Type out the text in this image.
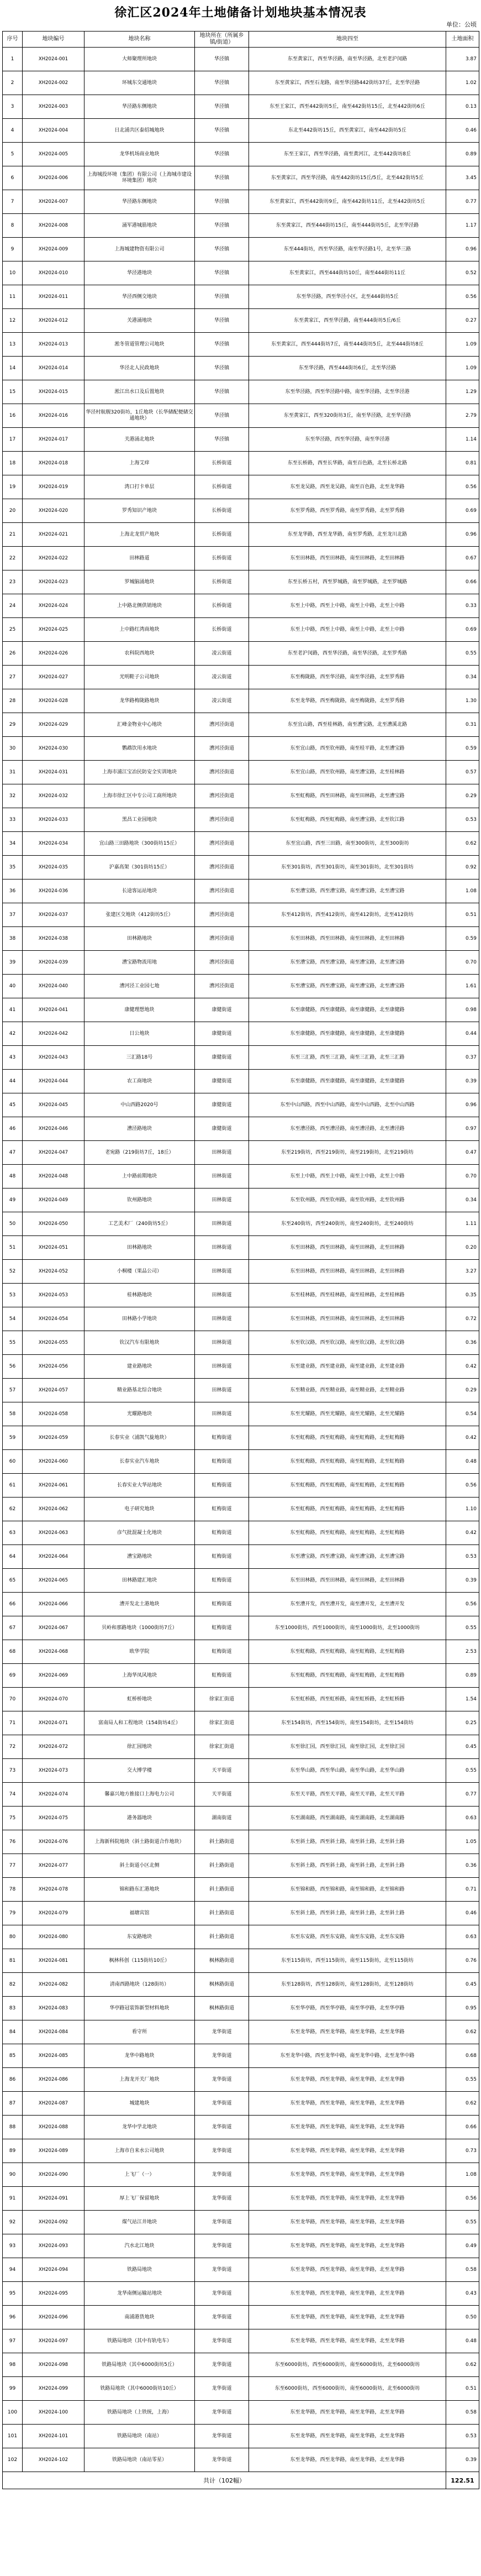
徐汇区2024年土地储备计划地块基本情况表
单位：公顷
序号	地块编号	地块名称	地块所在（所属乡镇/街道）	地块四至	土地面积
1	XH2024-001	大师聚理所地块	华泾镇	东至黄家江，西至华泾路，南至华泾路，北至老沪闵路	3.87
2	XH2024-002	环城东交通地块	华泾镇	东至黄家江，西至石龙路，南至华泾路442街坊37丘，北至华泾路	1.02
3	XH2024-003	华泾路东侧地块	华泾镇	东至王家江，西至442街坊5丘，南至442街坊15丘，北至442街坊6丘	0.13
4	XH2024-004	日北浦共区泰绍城地块	华泾镇	东北至442街坊15丘，西至黄家江，南至442街坊5丘	0.46
5	XH2024-005	龙华机场商业地块	华泾镇	东至王家江，西至华泾路，南至黄河江，北至442街坊8丘	0.89
6	XH2024-006	上海城投环境（集团）有限公司（上海城市建设环境集团）地块	华泾镇	东至黄家江，西至华泾路，南至442街坊15丘/5丘，北至442街坊5丘	3.45
7	XH2024-007	华泾路东侧地块	华泾镇	东至黄家江，西至442街坊9丘，南至442街坊11丘，北至442街坊5丘	0.77
8	XH2024-008	涌军港城筋地块	华泾镇	东至黄家江，西至444街坊15丘，南至444街坊5丘，北至华泾路	1.17
9	XH2024-009	上海城建物资有限公司	华泾镇	东至444街坊，西至华泾路，南至华泾路1号，北至华三路	0.96
10	XH2024-010	华泾港地块	华泾镇	东至黄家江，西至444街坊10丘，南至444街坊11丘	0.52
11	XH2024-011	华泾西侧交地块	华泾镇	东至华泾路，西至华泾小区，北至444街坊5丘	0.56
12	XH2024-012	关港涌地块	华泾镇	东至黄家江，西至华泾路，南至444街坊5丘/6丘	0.27
13	XH2024-013	淞冬管道管理公司地块	华泾镇	东至黄家江，西至444街坊7丘，南至444街坊5丘，北至444街坊8丘	1.09
14	XH2024-014	华泾北人民政地块	华泾镇	东至华泾路，西至444街坊6丘，北至华泾路	1.09
15	XH2024-015	淞江出水口及后置地块	华泾镇	东至华泾路，西至华泾路中路，南至华泾路，北至华泾港	1.29
16	XH2024-016	华泾村航舰320街坊，1丘地块（长华储配便储交通地块）	华泾镇	东至黄家江，西至320街坊3丘，南至华泾路，北至华泾路	2.79
17	XH2024-017	关港涌北地块	华泾镇	东至华泾路，西至华泾路，南至华泾港	1.14
18	XH2024-018	上海艾痒	长桥街道	东至长桥路，西至长华路，南至百色路，北至长桥北路	0.81
19	XH2024-019	湾口打卡单层	长桥街道	东至龙吴路，西至龙吴路，南至百色路，北至龙华路	0.56
20	XH2024-020	罗秀知识产地块	长桥街道	东至罗秀路，西至罗秀路，南至罗秀路，北至罗秀路	0.69
21	XH2024-021	上海北龙贸产地块	长桥街道	东至龙华路，西至龙华路，南至罗秀路，北至龙川北路	0.96
22	XH2024-022	田林路道	长桥街道	东至田林路，西至田林路，南至田林路，北至田林路	0.67
23	XH2024-023	罗城脑涌地块	长桥街道	东至长桥五村，西至罗城路，南至罗城路，北至罗城路	0.66
24	XH2024-024	上中路北侧供销地块	长桥街道	东至上中路，西至上中路，南至上中路，北至上中路	0.33
25	XH2024-025	上中路红湾商地块	长桥街道	东至上中路，西至上中路，南至上中路，北至上中路	0.69
26	XH2024-026	农科院西地块	凌云街道	东至老沪闵路，西至华泾路，南至华泾路，北至罗秀路	0.55
27	XH2024-027	光明鞋子公司地块	凌云街道	东至梅陇路，西至华泾路，南至华泾路，北至罗秀路	0.34
28	XH2024-028	龙华路梅陇路地块	凌云街道	东至龙华路，西至梅陇路，南至梅陇路，北至罗秀路	1.30
29	XH2024-029	汇峰金物业中心地块	漕河泾街道	东至宜山路，西至桂林路，南至漕宝路，北至漕溪北路	0.31
30	XH2024-030	鹦鹉饮用水地块	漕河泾街道	东至宜山路，西至钦州路，南至桂平路，北至漕宝路	0.59
31	XH2024-031	上海市浦江宝冶民防安全实训地块	漕河泾街道	东至宜山路，西至钦州路，南至漕宝路，北至桂林路	0.57
32	XH2024-032	上海市徐汇区中专公司工商所地块	漕河泾街道	东至虹梅路，西至田林路，南至田林路，北至漕宝路	0.29
33	XH2024-033	黑昌工业园地块	漕河泾街道	东至虹梅路，西至虹梅路，南至漕宝路，北至钦江路	0.53
34	XH2024-034	宜山路三田路地块（300街坊15丘）	漕河泾街道	东至宜山路，西至三田路，南至300街坊，北至300街坊	0.62
35	XH2024-035	沪嘉高架（301街坊15丘）	漕河泾街道	东至301街坊，西至301街坊，南至301街坊，北至301街坊	0.92
36	XH2024-036	长途客运站地块	漕河泾街道	东至漕宝路，西至漕宝路，南至漕宝路，北至漕宝路	1.08
37	XH2024-037	张建区交地块（412街坊5丘）	漕河泾街道	东至412街坊，西至412街坊，南至412街坊，北至412街坊	0.51
38	XH2024-038	田林路地块	漕河泾街道	东至田林路，西至田林路，南至田林路，北至田林路	0.59
39	XH2024-039	漕宝路物流用地	漕河泾街道	东至漕宝路，西至漕宝路，南至漕宝路，北至漕宝路	0.70
40	XH2024-040	漕河泾工业园七地	漕河泾街道	东至漕宝路，西至漕宝路，南至漕宝路，北至漕宝路	1.61
41	XH2024-041	康健理想地块	康健街道	东至康健路，西至康健路，南至康健路，北至康健路	0.98
42	XH2024-042	日公地块	康健街道	东至康健路，西至康健路，南至康健路，北至康健路	0.44
43	XH2024-043	三汇路18号	康健街道	东至三汇路，西至三汇路，南至三汇路，北至三汇路	0.37
44	XH2024-044	农工商地块	康健街道	东至康健路，西至康健路，南至康健路，北至康健路	0.39
45	XH2024-045	中山西路2020号	康健街道	东至中山西路，西至中山西路，南至中山西路，北至中山西路	0.96
46	XH2024-046	漕泾路地块	康健街道	东至漕泾路，西至漕泾路，南至漕泾路，北至漕泾路	0.97
47	XH2024-047	老宛路（219街坊7丘，18丘）	田林街道	东至219街坊，西至219街坊，南至219街坊，北至219街坊	0.47
48	XH2024-048	上中路前期地块	田林街道	东至上中路，西至上中路，南至上中路，北至上中路	0.70
49	XH2024-049	钦州路地块	田林街道	东至钦州路，西至钦州路，南至钦州路，北至钦州路	0.34
50	XH2024-050	工艺美术厂（240街坊5丘）	田林街道	东至240街坊，西至240街坊，南至240街坊，北至240街坊	1.11
51	XH2024-051	田林路地块	田林街道	东至田林路，西至田林路，南至田林路，北至田林路	0.20
52	XH2024-052	小桐楼（果品公司）	田林街道	东至田林路，西至田林路，南至田林路，北至田林路	3.27
53	XH2024-053	桂林路地块	田林街道	东至桂林路，西至桂林路，南至桂林路，北至桂林路	0.35
54	XH2024-054	田林路小学地块	田林街道	东至田林路，西至田林路，南至田林路，北至田林路	0.72
55	XH2024-055	钦汉汽车有限地块	田林街道	东至钦汉路，西至钦汉路，南至钦汉路，北至钦汉路	0.36
56	XH2024-056	建业路地块	田林街道	东至建业路，西至建业路，南至建业路，北至建业路	0.42
57	XH2024-057	精业路基北综合地块	田林街道	东至精业路，西至精业路，南至精业路，北至精业路	0.29
58	XH2024-058	光耀路地块	田林街道	东至光耀路，西至光耀路，南至光耀路，北至光耀路	0.54
59	XH2024-059	长春实业（浦凯气旋地块）	虹梅街道	东至虹梅路，西至虹梅路，南至虹梅路，北至虹梅路	0.42
60	XH2024-060	长春实业汽车地块	虹梅街道	东至虹梅路，西至虹梅路，南至虹梅路，北至虹梅路	0.48
61	XH2024-061	长春实业大华站地块	虹梅街道	东至虹梅路，西至虹梅路，南至虹梅路，北至虹梅路	0.56
62	XH2024-062	电子研究地块	虹梅街道	东至虹梅路，西至虹梅路，南至虹梅路，北至虹梅路	1.10
63	XH2024-063	彦气批混凝土化地块	虹梅街道	东至虹梅路，西至虹梅路，南至虹梅路，北至虹梅路	0.42
64	XH2024-064	漕宝路地块	虹梅街道	东至漕宝路，西至漕宝路，南至漕宝路，北至漕宝路	0.53
65	XH2024-065	田林路建汇地块	虹梅街道	东至田林路，西至田林路，南至田林路，北至田林路	0.39
66	XH2024-066	漕开发北土港地块	虹梅街道	东至漕开发，西至漕开发，南至漕开发，北至漕开发	0.56
67	XH2024-067	贝岭和那路地块（1000街坊7丘）	虹梅街道	东至1000街坊，西至1000街坊，南至1000街坊，北至1000街坊	0.55
68	XH2024-068	欧华学院	虹梅街道	东至虹梅路，西至虹梅路，南至虹梅路，北至虹梅路	2.53
69	XH2024-069	上海华凤风地块	虹梅街道	东至虹梅路，西至虹梅路，南至虹梅路，北至虹梅路	0.89
70	XH2024-070	虹桥桥地块	徐家汇街道	东至虹桥路，西至虹桥路，南至虹桥路，北至虹桥路	1.54
71	XH2024-071	富南局人和工程地块（154街坊4丘）	徐家汇街道	东至154街坊，西至154街坊，南至154街坊，北至154街坊	0.25
72	XH2024-072	徐汇园地块	徐家汇街道	东至徐汇园，西至徐汇园，南至徐汇园，北至徐汇园	0.45
73	XH2024-073	交大博学楼	天平街道	东至华山路，西至华山路，南至华山路，北至华山路	0.55
74	XH2024-074	馨嘉兴地方推接口上海电力公司	天平街道	东至天平路，西至天平路，南至天平路，北至天平路	0.77
75	XH2024-075	港务器地块	湖南街道	东至湖南路，西至湖南路，南至湖南路，北至湖南路	0.63
76	XH2024-076	上海新科院地块（斜土路街道合作地块）	斜土路街道	东至斜土路，西至斜土路，南至斜土路，北至斜土路	1.05
77	XH2024-077	斜土街道小区北侧	斜土路街道	东至斜土路，西至斜土路，南至斜土路，北至斜土路	0.36
78	XH2024-078	锦和路东汇港地块	斜土路街道	东至锦和路，西至锦和路，南至锦和路，北至锦和路	0.71
79	XH2024-079	福塘宾馆	斜土路街道	东至斜土路，西至斜土路，南至斜土路，北至斜土路	0.46
80	XH2024-080	东安路地块	斜土路街道	东至东安路，西至东安路，南至东安路，北至东安路	0.63
81	XH2024-081	枫林科创（115街坊10丘）	枫林路街道	东至115街坊，西至115街坊，南至115街坊，北至115街坊	0.76
82	XH2024-082	清南西路地块（128街坊）	枫林路街道	东至128街坊，西至128街坊，南至128街坊，北至128街坊	0.45
83	XH2024-083	华亭路冠装饰新型材料地块	枫林路街道	东至华亭路，西至华亭路，南至华亭路，北至华亭路	0.95
84	XH2024-084	看守所	龙华街道	东至龙华路，西至龙华路，南至龙华路，北至龙华路	0.62
85	XH2024-085	龙华中路地块	龙华街道	东至龙华中路，西至龙华中路，南至龙华中路，北至龙华中路	0.68
86	XH2024-086	上海龙开关厂地块	龙华街道	东至龙华路，西至龙华路，南至龙华路，北至龙华路	0.55
87	XH2024-087	城建地块	龙华街道	东至龙华路，西至龙华路，南至龙华路，北至龙华路	0.62
88	XH2024-088	龙华中学北地块	龙华街道	东至龙华路，西至龙华路，南至龙华路，北至龙华路	0.66
89	XH2024-089	上海市自来水公司地块	龙华街道	东至龙华路，西至龙华路，南至龙华路，北至龙华路	0.73
90	XH2024-090	上飞厂（一）	龙华街道	东至龙华路，西至龙华路，南至龙华路，北至龙华路	1.08
91	XH2024-091	厚上飞厂保留地块	龙华街道	东至龙华路，西至龙华路，南至龙华路，北至龙华路	0.56
92	XH2024-092	煤气站江井地块	龙华街道	东至龙华路，西至龙华路，南至龙华路，北至龙华路	0.55
93	XH2024-093	汽水北江地块	龙华街道	东至龙华路，西至龙华路，南至龙华路，北至龙华路	0.49
94	XH2024-094	铁路局地块	龙华街道	东至龙华路，西至龙华路，南至龙华路，北至龙华路	0.58
95	XH2024-095	龙华南侧运输站地块	龙华街道	东至龙华路，西至龙华路，南至龙华路，北至龙华路	0.43
96	XH2024-096	南浦港货地块	龙华街道	东至龙华路，西至龙华路，南至龙华路，北至龙华路	0.50
97	XH2024-097	铁路局地块（其中有轨电车）	龙华街道	东至龙华路，西至龙华路，南至龙华路，北至龙华路	0.48
98	XH2024-098	铁路局地块（其中6000街坊5丘）	龙华街道	东至6000街坊，西至6000街坊，南至6000街坊，北至6000街坊	0.62
99	XH2024-099	铁路局地块（其中6000街坊10丘）	龙华街道	东至6000街坊，西至6000街坊，南至6000街坊，北至6000街坊	0.51
100	XH2024-100	铁路局地块（上铁统，上海）	龙华街道	东至龙华路，西至龙华路，南至龙华路，北至龙华路	0.58
101	XH2024-101	铁路局地块（南站）	龙华街道	东至龙华路，西至龙华路，南至龙华路，北至龙华路	0.53
102	XH2024-102	铁路局地块（南站零星）	龙华街道	东至龙华路，西至龙华路，南至龙华路，北至龙华路	0.39
共计（102幅）					122.51
